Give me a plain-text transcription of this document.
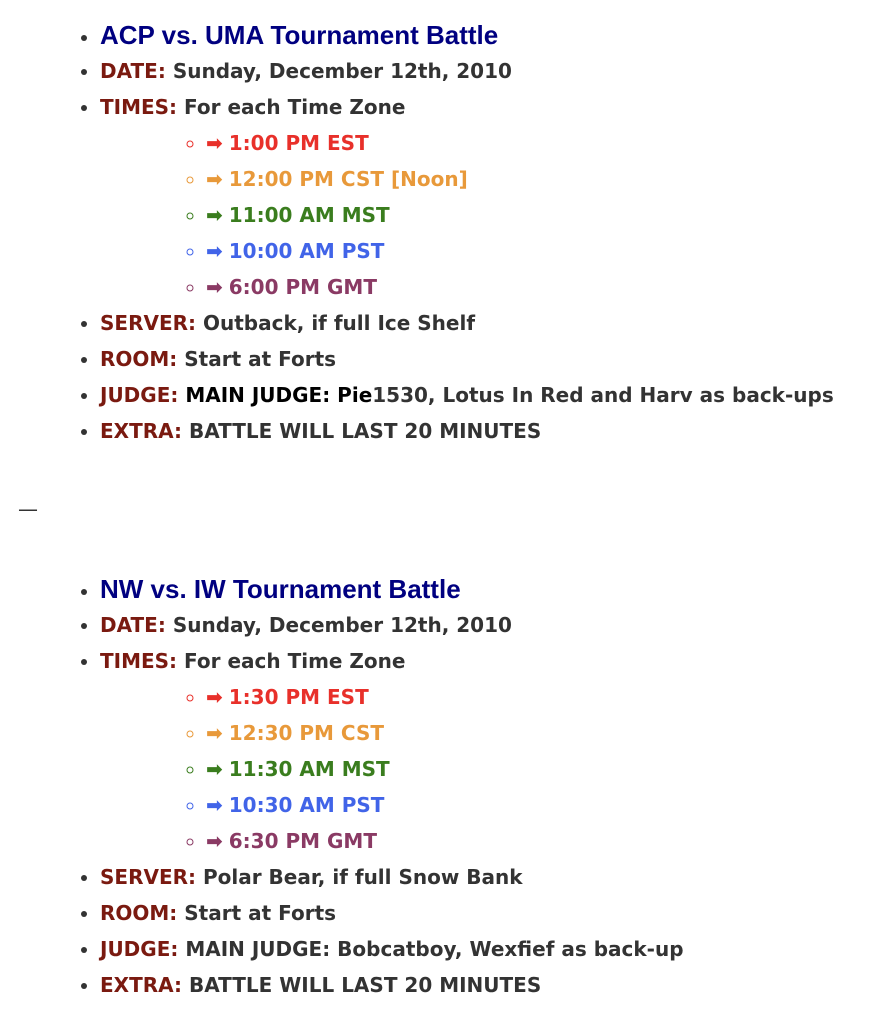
• ACP vs. UMA Tournament Battle
• DATE: Sunday, December 12th, 2010
• TIMES: For each Time Zone
◦ ➡ 1:00 PM EST
◦ ➡ 12:00 PM CST [Noon]
◦ ➡ 11:00 AM MST
◦ ➡ 10:00 AM PST
◦ ➡ 6:00 PM GMT
• SERVER: Outback, if full Ice Shelf
• ROOM: Start at Forts
• JUDGE: MAIN JUDGE: Pie1530, Lotus In Red and Harv as back-ups
• EXTRA: BATTLE WILL LAST 20 MINUTES
—
• NW vs. IW Tournament Battle
• DATE: Sunday, December 12th, 2010
• TIMES: For each Time Zone
◦ ➡ 1:30 PM EST
◦ ➡ 12:30 PM CST
◦ ➡ 11:30 AM MST
◦ ➡ 10:30 AM PST
◦ ➡ 6:30 PM GMT
• SERVER: Polar Bear, if full Snow Bank
• ROOM: Start at Forts
• JUDGE: MAIN JUDGE: Bobcatboy, Wexfief as back-up
• EXTRA: BATTLE WILL LAST 20 MINUTES
